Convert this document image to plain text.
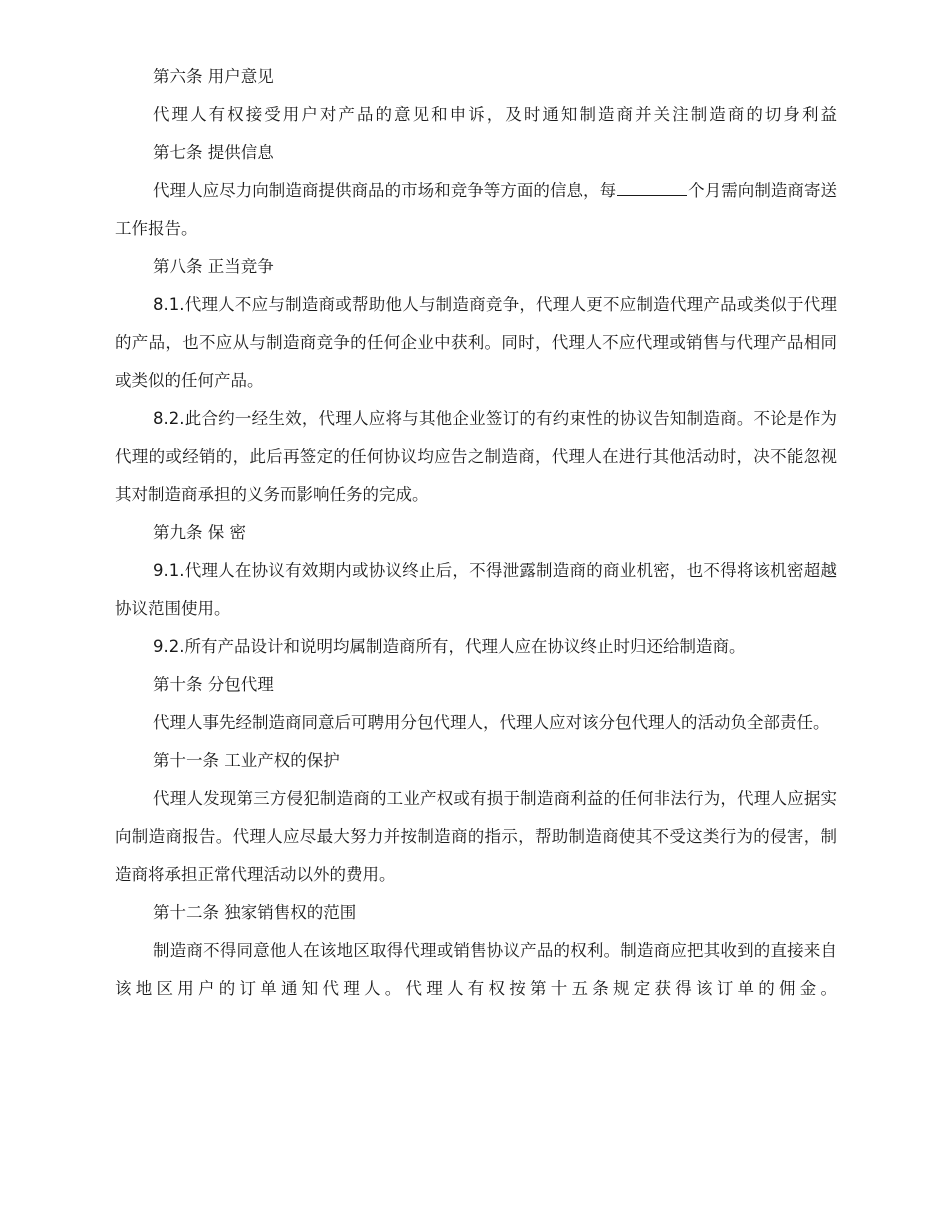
第六条 用户意见
代理人有权接受用户对产品的意见和申诉，及时通知制造商并关注制造商的切身利益
第七条 提供信息
代理人应尽力向制造商提供商品的市场和竞争等方面的信息，每	个月需向制造商寄送工作报告。
第八条 正当竞争
8.1.代理人不应与制造商或帮助他人与制造商竞争，代理人更不应制造代理产品或类似于代理的产品，也不应从与制造商竞争的任何企业中获利。同时，代理人不应代理或销售与代理产品相同或类似的任何产品。
8.2.此合约一经生效，代理人应将与其他企业签订的有约束性的协议告知制造商。不论是作为代理的或经销的，此后再签定的任何协议均应告之制造商，代理人在进行其他活动时，决不能忽视其对制造商承担的义务而影响任务的完成。
第九条 保 密
9.1.代理人在协议有效期内或协议终止后，不得泄露制造商的商业机密，也不得将该机密超越协议范围使用。
9.2.所有产品设计和说明均属制造商所有，代理人应在协议终止时归还给制造商。
第十条 分包代理
代理人事先经制造商同意后可聘用分包代理人，代理人应对该分包代理人的活动负全部责任。
第十一条 工业产权的保护
代理人发现第三方侵犯制造商的工业产权或有损于制造商利益的任何非法行为，代理人应据实向制造商报告。代理人应尽最大努力并按制造商的指示，帮助制造商使其不受这类行为的侵害，制造商将承担正常代理活动以外的费用。
第十二条 独家销售权的范围
制造商不得同意他人在该地区取得代理或销售协议产品的权利。制造商应把其收到的直接来自该地区用户的订单通知代理人。代理人有权按第十五条规定获得该订单的佣金。
